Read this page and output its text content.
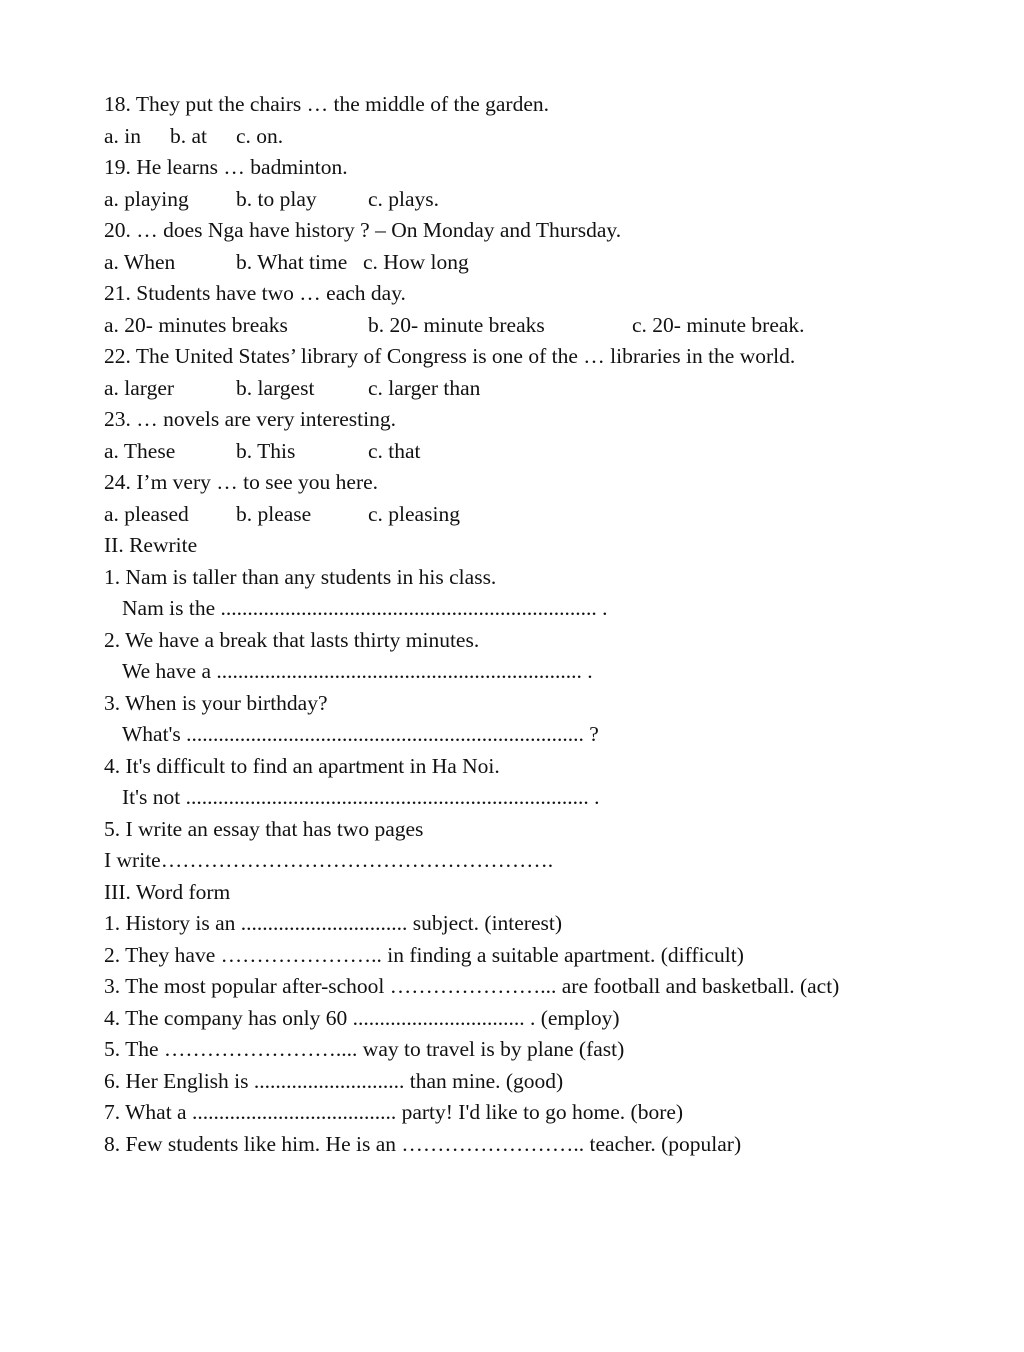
18. They put the chairs … the middle of the garden.
a. in b. at c. on.
19. He learns … badminton.
a. playing b. to play c. plays.
20. … does Nga have history ? – On Monday and Thursday.
a. When	b. What time c. How long
21. Students have two … each day.
a. 20- minutes breaks	b. 20- minute breaks	c. 20- minute break.
22. The United States’ library of Congress is one of the … libraries in the world.
a. larger	b. largest c. larger than
23. … novels are very interesting.
a. These	b. This	c. that
24. I’m very … to see you here.
a. pleased b. please	c. pleasing
II. Rewrite
1. Nam is taller than any students in his class.
Nam is the ...................................................................... .
2. We have a break that lasts thirty minutes.
We have a .................................................................... .
3. When is your birthday?
What's .......................................................................... ?
4. It's difficult to find an apartment in Ha Noi.
It's not ........................................................................... .
5. I write an essay that has two pages
I write……………………………………………….
III. Word form
1. History is an ............................... subject. (interest)
2. They have ………………….. in finding a suitable apartment. (difficult)
3. The most popular after-school …………………... are football and basketball. (act)
4. The company has only 60 ................................ . (employ)
5. The …………………….... way to travel is by plane (fast)
6. Her English is ............................ than mine. (good)
7. What a ...................................... party! I'd like to go home. (bore)
8. Few students like him. He is an …………………….. teacher. (popular)
